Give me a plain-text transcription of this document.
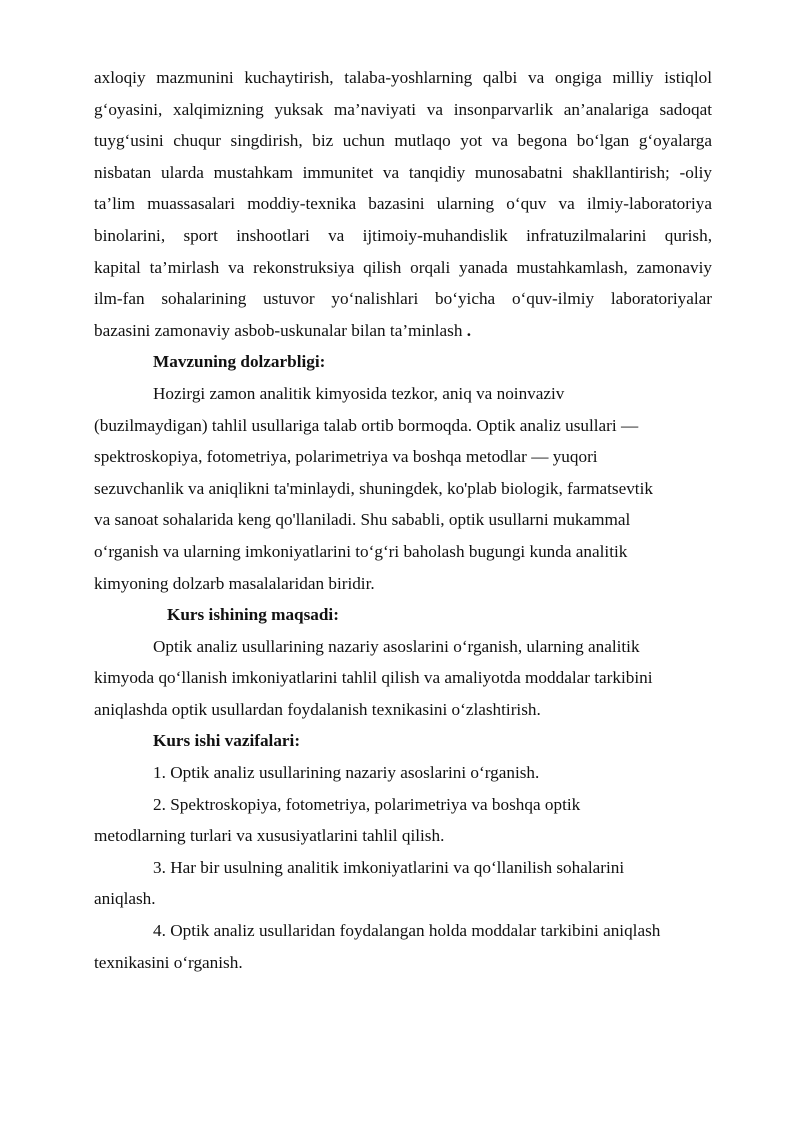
axloqiy mazmunini kuchaytirish, talaba-yoshlarning qalbi va ongiga milliy istiqlol
g‘oyasini, xalqimizning yuksak ma’naviyati va insonparvarlik an’analariga sadoqat
tuyg‘usini chuqur singdirish, biz uchun mutlaqo yot va begona bo‘lgan g‘oyalarga
nisbatan ularda mustahkam immunitet va tanqidiy munosabatni shakllantirish; -oliy
ta’lim muassasalari moddiy-texnika bazasini ularning o‘quv va ilmiy-laboratoriya
binolarini, sport inshootlari va ijtimoiy-muhandislik infratuzilmalarini qurish,
kapital ta’mirlash va rekonstruksiya qilish orqali yanada mustahkamlash, zamonaviy
ilm-fan sohalarining ustuvor yo‘nalishlari bo‘yicha o‘quv-ilmiy laboratoriyalar
bazasini zamonaviy asbob-uskunalar bilan ta’minlash .
Mavzuning dolzarbligi:
Hozirgi zamon analitik kimyosida tezkor, aniq va noinvaziv
(buzilmaydigan) tahlil usullariga talab ortib bormoqda. Optik analiz usullari —
spektroskopiya, fotometriya, polarimetriya va boshqa metodlar — yuqori
sezuvchanlik va aniqlikni ta'minlaydi, shuningdek, ko'plab biologik, farmatsevtik
va sanoat sohalarida keng qo'llaniladi. Shu sababli, optik usullarni mukammal
o‘rganish va ularning imkoniyatlarini to‘g‘ri baholash bugungi kunda analitik
kimyoning dolzarb masalalaridan biridir.
Kurs ishining maqsadi:
Optik analiz usullarining nazariy asoslarini o‘rganish, ularning analitik
kimyoda qo‘llanish imkoniyatlarini tahlil qilish va amaliyotda moddalar tarkibini
aniqlashda optik usullardan foydalanish texnikasini o‘zlashtirish.
Kurs ishi vazifalari:
1. Optik analiz usullarining nazariy asoslarini o‘rganish.
2. Spektroskopiya, fotometriya, polarimetriya va boshqa optik
metodlarning turlari va xususiyatlarini tahlil qilish.
3. Har bir usulning analitik imkoniyatlarini va qo‘llanilish sohalarini
aniqlash.
4. Optik analiz usullaridan foydalangan holda moddalar tarkibini aniqlash
texnikasini o‘rganish.
